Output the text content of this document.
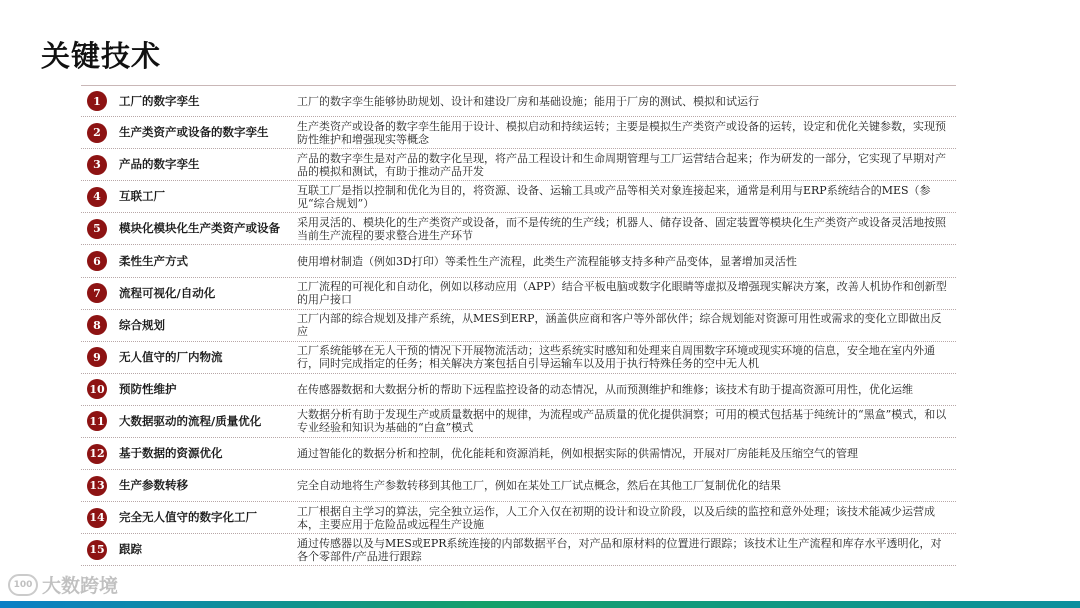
关键技术
1	工厂的数字孪生	工厂的数字孪生能够协助规划、设计和建设厂房和基础设施；能用于厂房的测试、模拟和试运行
2	生产类资产或设备的数字孪生	生产类资产或设备的数字孪生能用于设计、模拟启动和持续运转；主要是模拟生产类资产或设备的运转，设定和优化关键参数，实现预防性维护和增强现实等概念
3	产品的数字孪生	产品的数字孪生是对产品的数字化呈现，将产品工程设计和生命周期管理与工厂运营结合起来；作为研发的一部分，它实现了早期对产品的模拟和测试，有助于推动产品开发
4	互联工厂	互联工厂是指以控制和优化为目的，将资源、设备、运输工具或产品等相关对象连接起来，通常是利用与ERP系统结合的MES（参见“综合规划”）
5	模块化模块化生产类资产或设备	采用灵活的、模块化的生产类资产或设备，而不是传统的生产线；机器人、储存设备、固定装置等模块化生产类资产或设备灵活地按照当前生产流程的要求整合进生产环节
6	柔性生产方式	使用增材制造（例如3D打印）等柔性生产流程，此类生产流程能够支持多种产品变体，显著增加灵活性
7	流程可视化/自动化	工厂流程的可视化和自动化，例如以移动应用（APP）结合平板电脑或数字化眼睛等虚拟及增强现实解决方案，改善人机协作和创新型的用户接口
8	综合规划	工厂内部的综合规划及排产系统，从MES到ERP，涵盖供应商和客户等外部伙伴；综合规划能对资源可用性或需求的变化立即做出反应
9	无人值守的厂内物流	工厂系统能够在无人干预的情况下开展物流活动；这些系统实时感知和处理来自周围数字环境或现实环境的信息，安全地在室内外通行，同时完成指定的任务；相关解决方案包括自引导运输车以及用于执行特殊任务的空中无人机
10 预防性维护	在传感器数据和大数据分析的帮助下远程监控设备的动态情况，从而预测维护和维修；该技术有助于提高资源可用性，优化运维
11 大数据驱动的流程/质量优化	大数据分析有助于发现生产或质量数据中的规律，为流程或产品质量的优化提供洞察；可用的模式包括基于纯统计的“黑盒”模式，和以专业经验和知识为基础的“白盒”模式
12 基于数据的资源优化	通过智能化的数据分析和控制，优化能耗和资源消耗，例如根据实际的供需情况，开展对厂房能耗及压缩空气的管理
13 生产参数转移	完全自动地将生产参数转移到其他工厂，例如在某处工厂试点概念，然后在其他工厂复制优化的结果
14 完全无人值守的数字化工厂	工厂根据自主学习的算法，完全独立运作，人工介入仅在初期的设计和设立阶段，以及后续的监控和意外处理；该技术能减少运营成本，主要应用于危险品或远程生产设施
15 跟踪	通过传感器以及与MES或EPR系统连接的内部数据平台，对产品和原材料的位置进行跟踪；该技术让生产流程和库存水平透明化，对各个零部件/产品进行跟踪
100 大数跨境
